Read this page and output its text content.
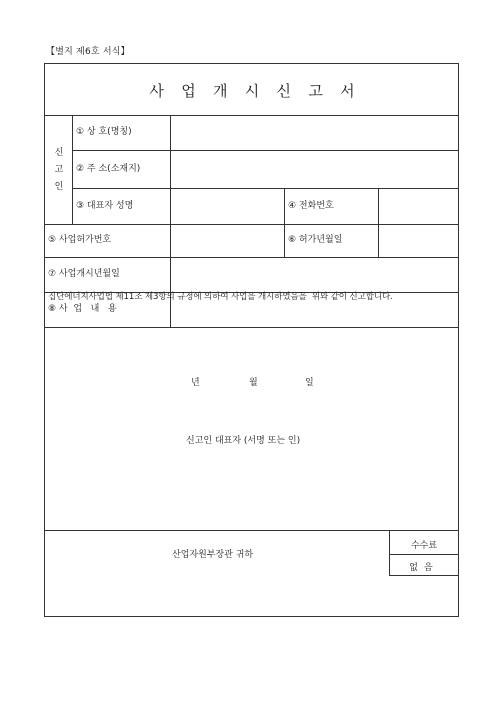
【별지 제6호 서식】
사 업 개 시 신 고 서
신
고
인
① 상 호(명칭)
② 주 소(소재지)
③ 대표자 성명	④ 전화번호
⑤ 사업허가번호	⑥ 허가년월일
⑦ 사업개시년월일
⑧ 사  업   내   용
집단에너지사업법 제11조 제3항의 규정에 의하여 사업을 개시하였음을  위와 같이 신고합니다.
년	월	일
신고인 대표자 (서명 또는 인)
산업자원부장관 귀하
수수료
없음
